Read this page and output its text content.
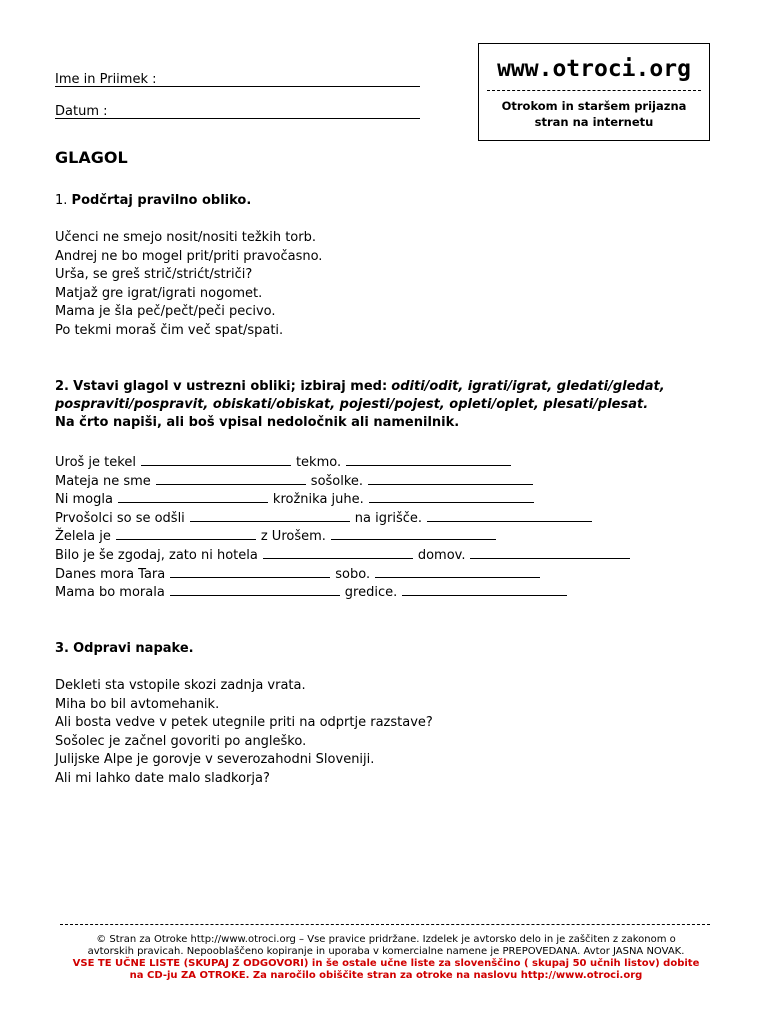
Ime in Priimek :
Datum :
www.otroci.org
Otrokom in staršem prijazna
stran na internetu
GLAGOL
1. Podčrtaj pravilno obliko.
Učenci ne smejo nosit/nositi težkih torb.
Andrej ne bo mogel prit/priti pravočasno.
Urša, se greš strič/strićt/striči?
Matjaž gre igrat/igrati nogomet.
Mama je šla peč/pečt/peči pecivo.
Po tekmi moraš čim več spat/spati.
2. Vstavi glagol v ustrezni obliki; izbiraj med: oditi/odit, igrati/igrat, gledati/gledat,
pospraviti/pospravit, obiskati/obiskat, pojesti/pojest, opleti/oplet, plesati/plesat.
Na črto napiši, ali boš vpisal nedoločnik ali namenilnik.
Uroš je tekel	tekmo.
Mateja ne sme	sošolke.
Ni mogla	krožnika juhe.
Prvošolci so se odšli	na igrišče.
Želela je	z Urošem.
Bilo je še zgodaj, zato ni hotela	domov.
Danes mora Tara	sobo.
Mama bo morala	gredice.
3. Odpravi napake.
Dekleti sta vstopile skozi zadnja vrata.
Miha bo bil avtomehanik.
Ali bosta vedve v petek utegnile priti na odprtje razstave?
Sošolec je začnel govoriti po angleško.
Julijske Alpe je gorovje v severozahodni Sloveniji.
Ali mi lahko date malo sladkorja?
© Stran za Otroke http://www.otroci.org – Vse pravice pridržane. Izdelek je avtorsko delo in je zaščiten z zakonom o
avtorskih pravicah. Nepooblaščeno kopiranje in uporaba v komercialne namene je PREPOVEDANA. Avtor JASNA NOVAK.
VSE TE UČNE LISTE (SKUPAJ Z ODGOVORI) in še ostale učne liste za slovenščino ( skupaj 50 učnih listov) dobite
na CD-ju ZA OTROKE. Za naročilo obiščite stran za otroke na naslovu http://www.otroci.org
